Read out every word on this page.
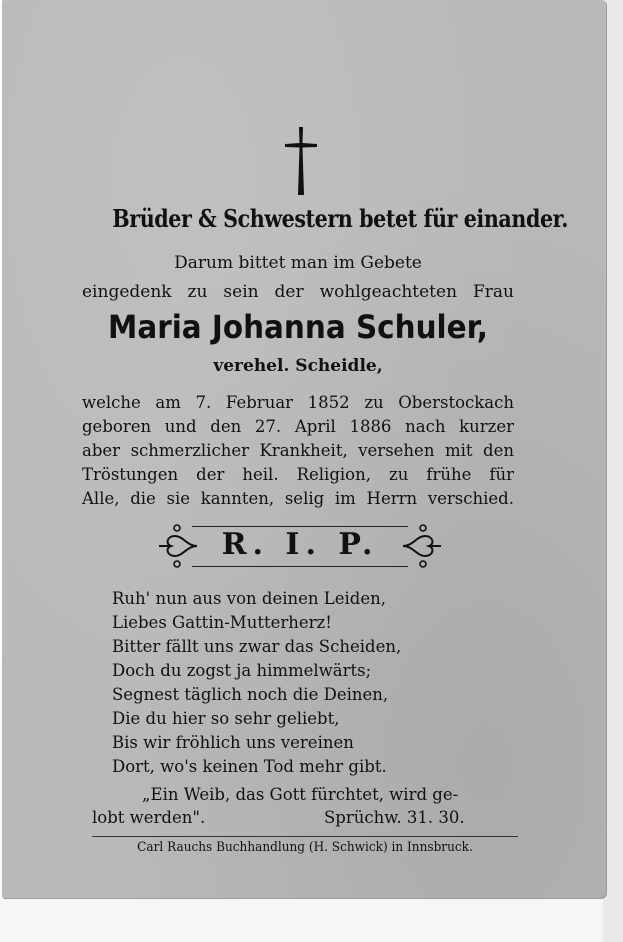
Brüder & Schwestern betet für einander.

Darum bittet man im Gebete

eingedenk zu sein der wohlgeachteten Frau

Maria Johanna Schuler,

verehel. Scheidle,

welche am 7. Februar 1852 zu Oberstockach

geboren und den 27. April 1886 nach kurzer

aber schmerzlicher Krankheit, versehen mit den

Tröstungen der heil. Religion, zu frühe für

Alle, die sie kannten, selig im Herrn verschied.

R. I. P.

Ruh' nun aus von deinen Leiden,

Liebes Gattin-Mutterherz!

Bitter fällt uns zwar das Scheiden,

Doch du zogst ja himmelwärts;

Segnest täglich noch die Deinen,

Die du hier so sehr geliebt,

Bis wir fröhlich uns vereinen

Dort, wo's keinen Tod mehr gibt.

„Ein Weib, das Gott fürchtet, wird ge-

lobt werden".	Sprüchw. 31. 30.

Carl Rauchs Buchhandlung (H. Schwick) in Innsbruck.
